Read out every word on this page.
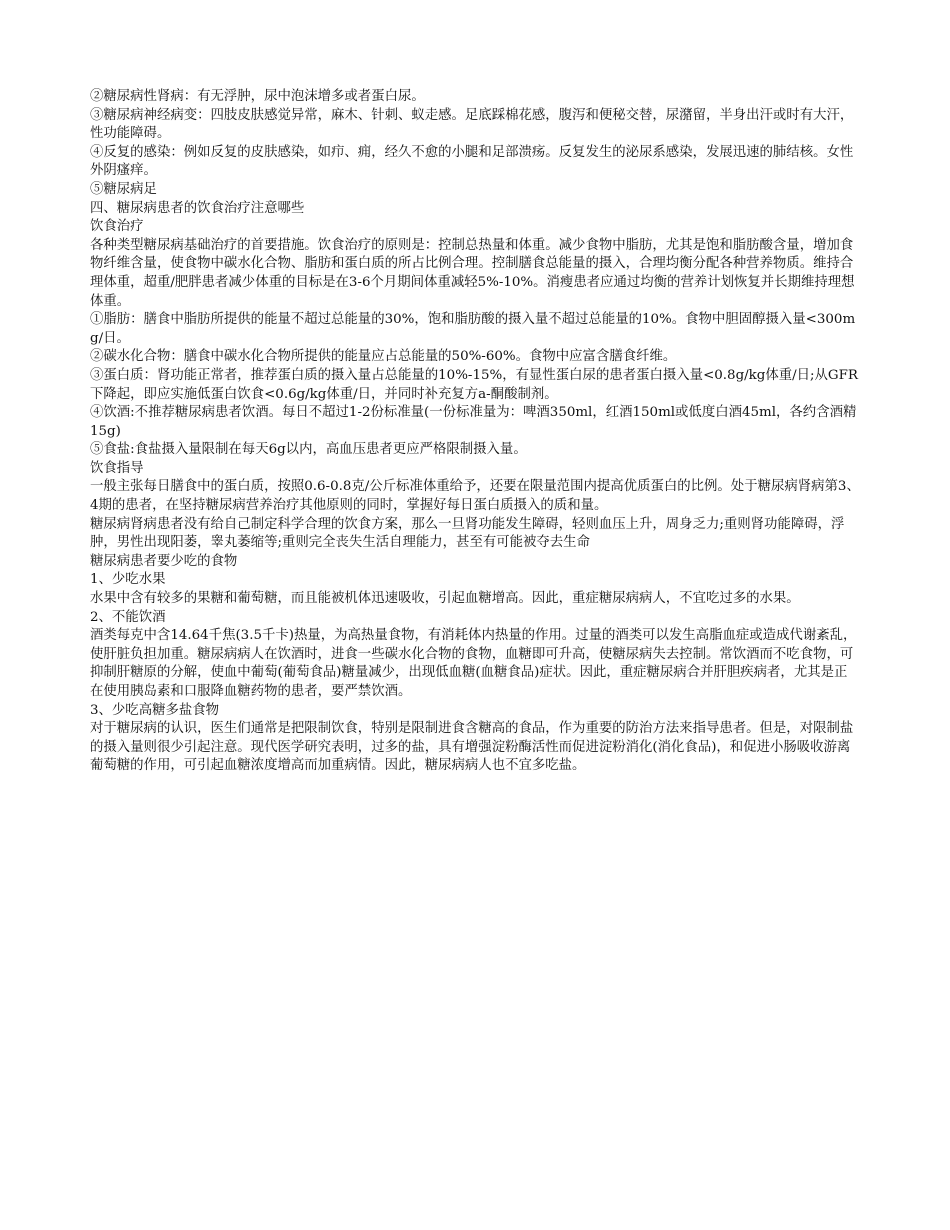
②糖尿病性肾病：有无浮肿，尿中泡沫增多或者蛋白尿。

③糖尿病神经病变：四肢皮肤感觉异常，麻木、针刺、蚁走感。足底踩棉花感，腹泻和便秘交替，尿潴留，半身出汗或时有大汗，性功能障碍。

④反复的感染：例如反复的皮肤感染，如疖、痈，经久不愈的小腿和足部溃疡。反复发生的泌尿系感染，发展迅速的肺结核。女性外阴瘙痒。

⑤糖尿病足

四、糖尿病患者的饮食治疗注意哪些

饮食治疗

各种类型糖尿病基础治疗的首要措施。饮食治疗的原则是：控制总热量和体重。减少食物中脂肪，尤其是饱和脂肪酸含量，增加食物纤维含量，使食物中碳水化合物、脂肪和蛋白质的所占比例合理。控制膳食总能量的摄入，合理均衡分配各种营养物质。维持合理体重，超重/肥胖患者减少体重的目标是在3-6个月期间体重减轻5%-10%。消瘦患者应通过均衡的营养计划恢复并长期维持理想体重。

①脂肪：膳食中脂肪所提供的能量不超过总能量的30%，饱和脂肪酸的摄入量不超过总能量的10%。食物中胆固醇摄入量<300mg/日。

②碳水化合物：膳食中碳水化合物所提供的能量应占总能量的50%-60%。食物中应富含膳食纤维。

③蛋白质：肾功能正常者，推荐蛋白质的摄入量占总能量的10%-15%，有显性蛋白尿的患者蛋白摄入量<0.8g/kg体重/日;从GFR下降起，即应实施低蛋白饮食<0.6g/kg体重/日，并同时补充复方a-酮酸制剂。

④饮酒:不推荐糖尿病患者饮酒。每日不超过1-2份标准量(一份标准量为：啤酒350ml，红酒150ml或低度白酒45ml，各约含酒精15g)

⑤食盐:食盐摄入量限制在每天6g以内，高血压患者更应严格限制摄入量。

饮食指导

一般主张每日膳食中的蛋白质，按照0.6-0.8克/公斤标准体重给予，还要在限量范围内提高优质蛋白的比例。处于糖尿病肾病第3、4期的患者，在坚持糖尿病营养治疗其他原则的同时，掌握好每日蛋白质摄入的质和量。

糖尿病肾病患者没有给自己制定科学合理的饮食方案，那么一旦肾功能发生障碍，轻则血压上升，周身乏力;重则肾功能障碍，浮肿，男性出现阳萎，睾丸萎缩等;重则完全丧失生活自理能力，甚至有可能被夺去生命

糖尿病患者要少吃的食物

1、少吃水果

水果中含有较多的果糖和葡萄糖，而且能被机体迅速吸收，引起血糖增高。因此，重症糖尿病病人，不宜吃过多的水果。

2、不能饮酒

酒类每克中含14.64千焦(3.5千卡)热量，为高热量食物，有消耗体内热量的作用。过量的酒类可以发生高脂血症或造成代谢紊乱，使肝脏负担加重。糖尿病病人在饮酒时，进食一些碳水化合物的食物，血糖即可升高，使糖尿病失去控制。常饮酒而不吃食物，可抑制肝糖原的分解，使血中葡萄(葡萄食品)糖量减少，出现低血糖(血糖食品)症状。因此，重症糖尿病合并肝胆疾病者，尤其是正在使用胰岛素和口服降血糖药物的患者，要严禁饮酒。

3、少吃高糖多盐食物

对于糖尿病的认识，医生们通常是把限制饮食，特别是限制进食含糖高的食品，作为重要的防治方法来指导患者。但是，对限制盐的摄入量则很少引起注意。现代医学研究表明，过多的盐，具有增强淀粉酶活性而促进淀粉消化(消化食品)，和促进小肠吸收游离葡萄糖的作用，可引起血糖浓度增高而加重病情。因此，糖尿病病人也不宜多吃盐。
